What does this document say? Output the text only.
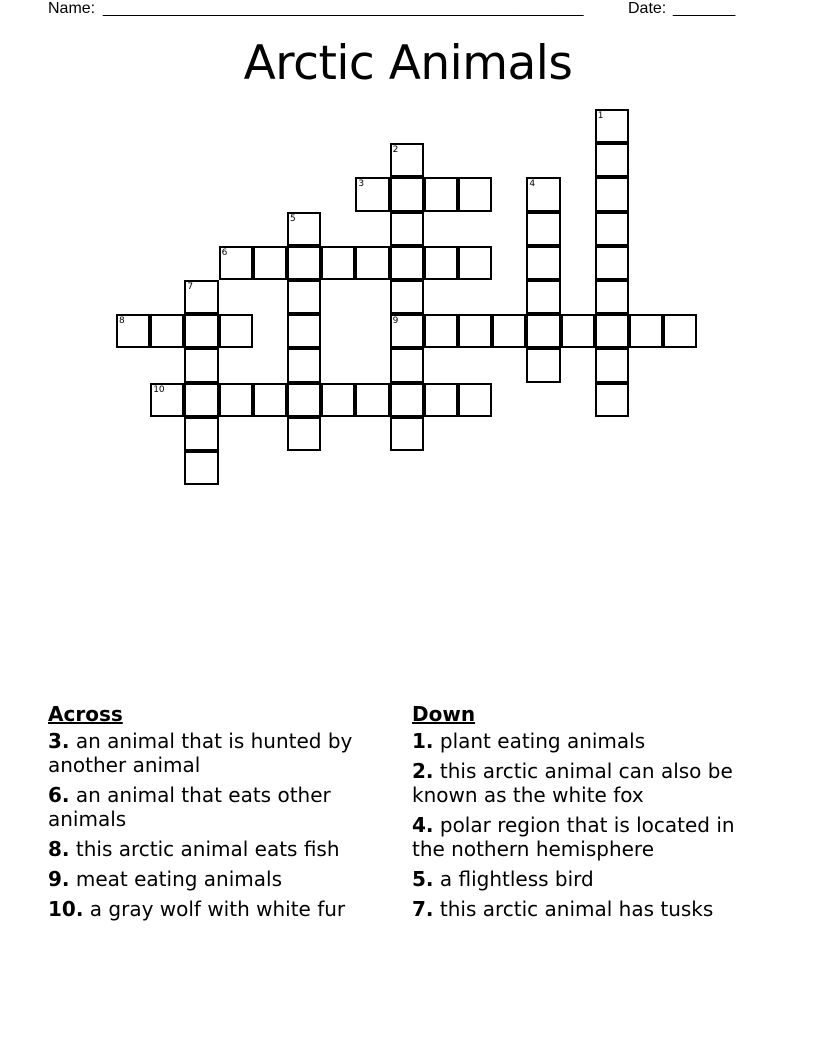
Name: ______________________________________________________	Date: _______
Arctic Animals
1
2
9
3	4
5
6
7
8
10
Across
3. an animal that is hunted by another animal
6. an animal that eats other animals
8. this arctic animal eats fish
9. meat eating animals
10. a gray wolf with white fur
Down
1. plant eating animals
2. this arctic animal can also be known as the white fox
4. polar region that is located in the nothern hemisphere
5. a flightless bird
7. this arctic animal has tusks
